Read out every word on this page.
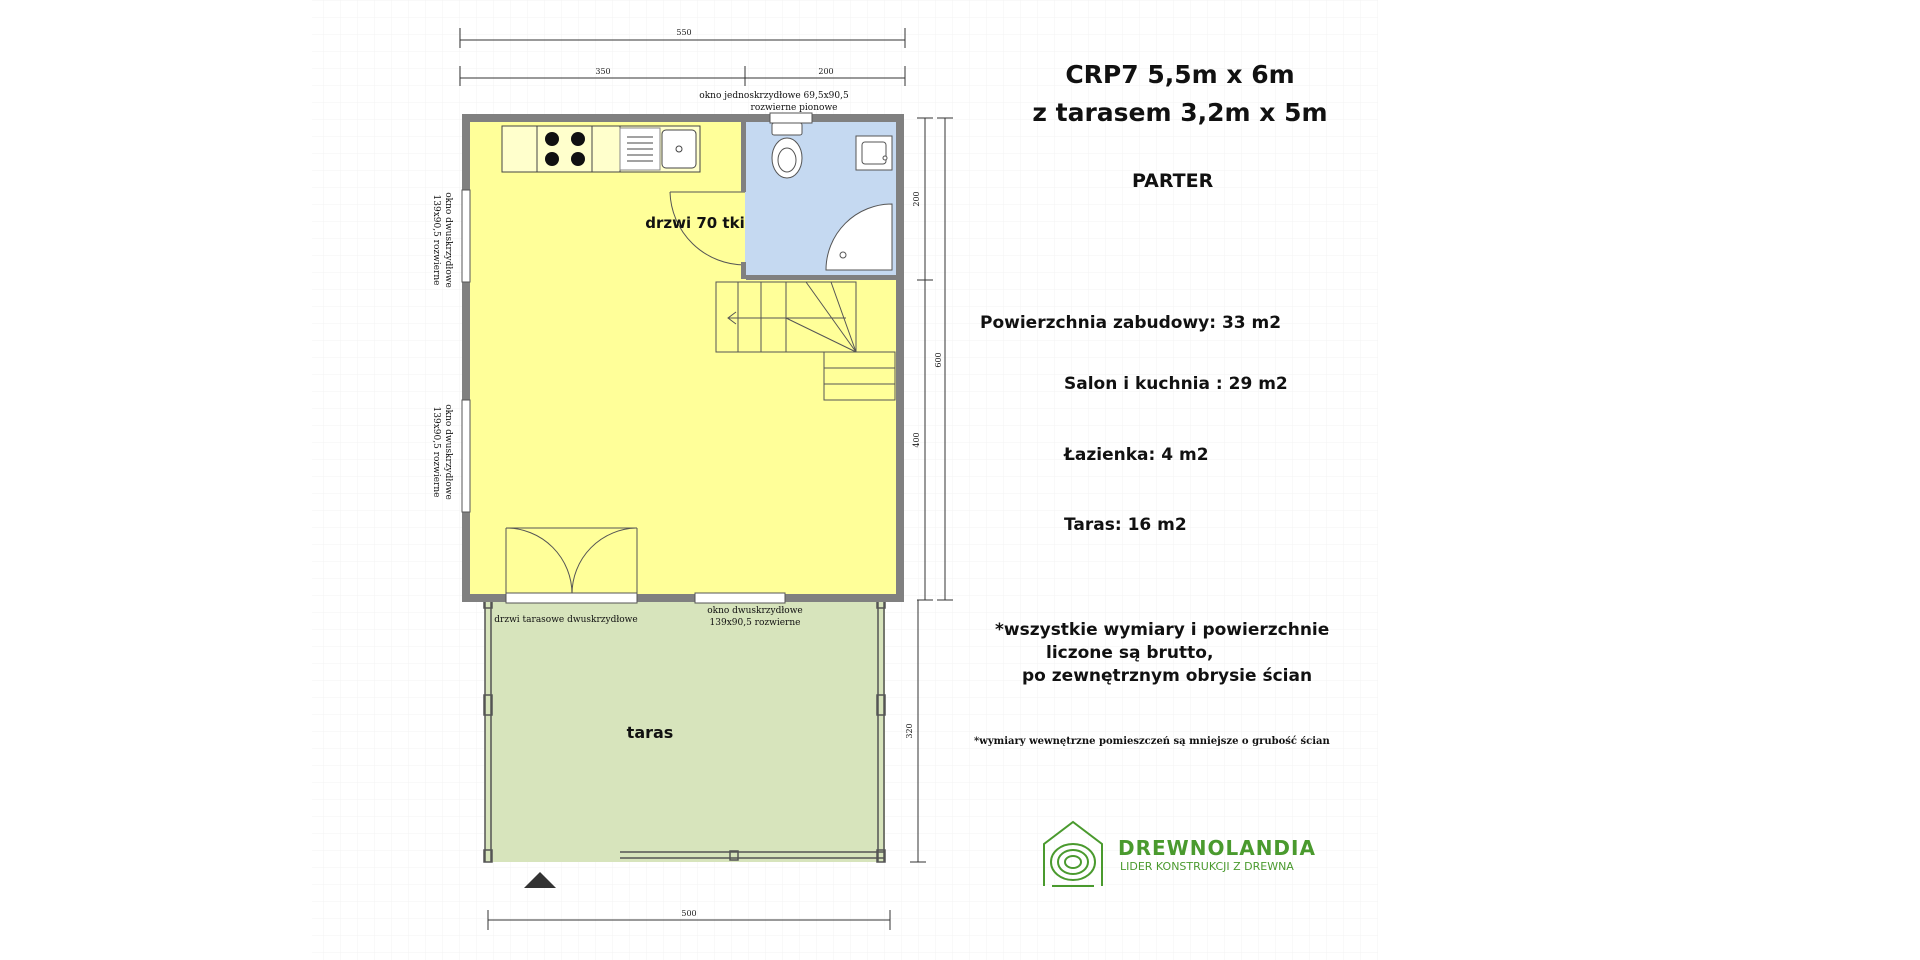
550
350	200
200
600
400
320
500
taras
okno jednoskrzydłowe 69,5x90,5
rozwierne pionowe
okno dwuskrzydłowe
139x90,5 rozwierne
okno dwuskrzydłowe
139x90,5 rozwierne
okno dwuskrzydłowe
139x90,5 rozwierne
drzwi tarasowe dwuskrzydłowe
drzwi 70 tki
CRP7 5,5m x 6m
z tarasem 3,2m x 5m
PARTER
Powierzchnia zabudowy: 33 m2
Salon i kuchnia : 29 m2
Łazienka: 4 m2
Taras: 16 m2
*wszystkie wymiary i powierzchnie
liczone są brutto,
po zewnętrznym obrysie ścian
*wymiary wewnętrzne pomieszczeń są mniejsze o grubość ścian
DREWNOLANDIA
LIDER KONSTRUKCJI Z DREWNA
